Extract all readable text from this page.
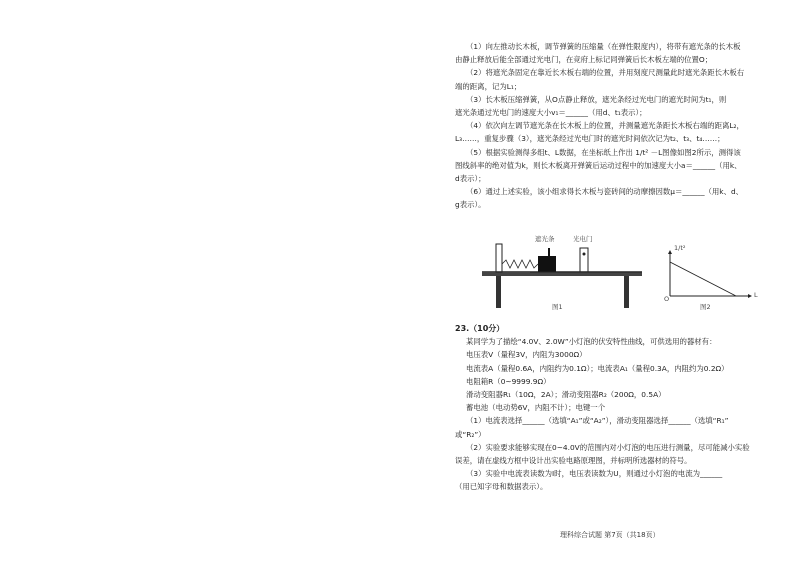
（1）向左推动长木板，调节弹簧的压缩量（在弹性限度内），将带有遮光条的长木板

由静止释放后能全部通过光电门，在竞府上标记同弹簧后长木板左端的位置O；

（2）将遮光条固定在靠近长木板右端的位置，并用刻度尺测量此时遮光条距长木板右

端的距离，记为L₁；

（3）长木板压缩弹簧，从O点静止释放，遮光条经过光电门的遮光时间为t₁，则

遮光条通过光电门的速度大小v₁＝______（用d、t₁表示）；

（4）依次向左调节遮光条在长木板上的位置，并测量遮光条距长木板右端的距离L₂，

L₃……，重复步骤（3），遮光条经过光电门时的遮光时间依次记为t₂、t₃、t₄……；

（5）根据实验测得多组t、L数据，在坐标纸上作出 1/t² －L图像如图2所示，测得该

图线斜率的绝对值为k，则长木板离开弹簧后运动过程中的加速度大小a＝______（用k、

d表示）；

（6）通过上述实验，该小组求得长木板与瓷砖间的动摩擦因数μ＝______（用k、d、

g表示）。

遮光条	光电门
图1
1/t²
O	L
图2

23.（10分）

某同学为了描绘“4.0V、2.0W”小灯泡的伏安特性曲线，可供选用的器材有：

电压表V（量程3V，内阻为3000Ω）

电流表A（量程0.6A，内阻约为0.1Ω）；电流表A₁（量程0.3A，内阻约为0.2Ω）

电阻箱R（0~9999.9Ω）

滑动变阻器R₁（10Ω，2A）；滑动变阻器R₂（200Ω，0.5A）

蓄电池（电动势6V，内阻不计）；电键一个

（1）电流表选择______（选填“A₁”或“A₂”），滑动变阻器选择______（选填“R₁”

或“R₂”）

（2）实验要求能够实现在0~4.0V的范围内对小灯泡的电压进行测量，尽可能减小实验

误差，请在虚线方框中设计出实验电路原理图，并标明所选器材的符号。

（3）实验中电流表读数为I时，电压表读数为U，则通过小灯泡的电流为______

（用已知字母和数据表示）。

理科综合试题 第7页（共18页）
